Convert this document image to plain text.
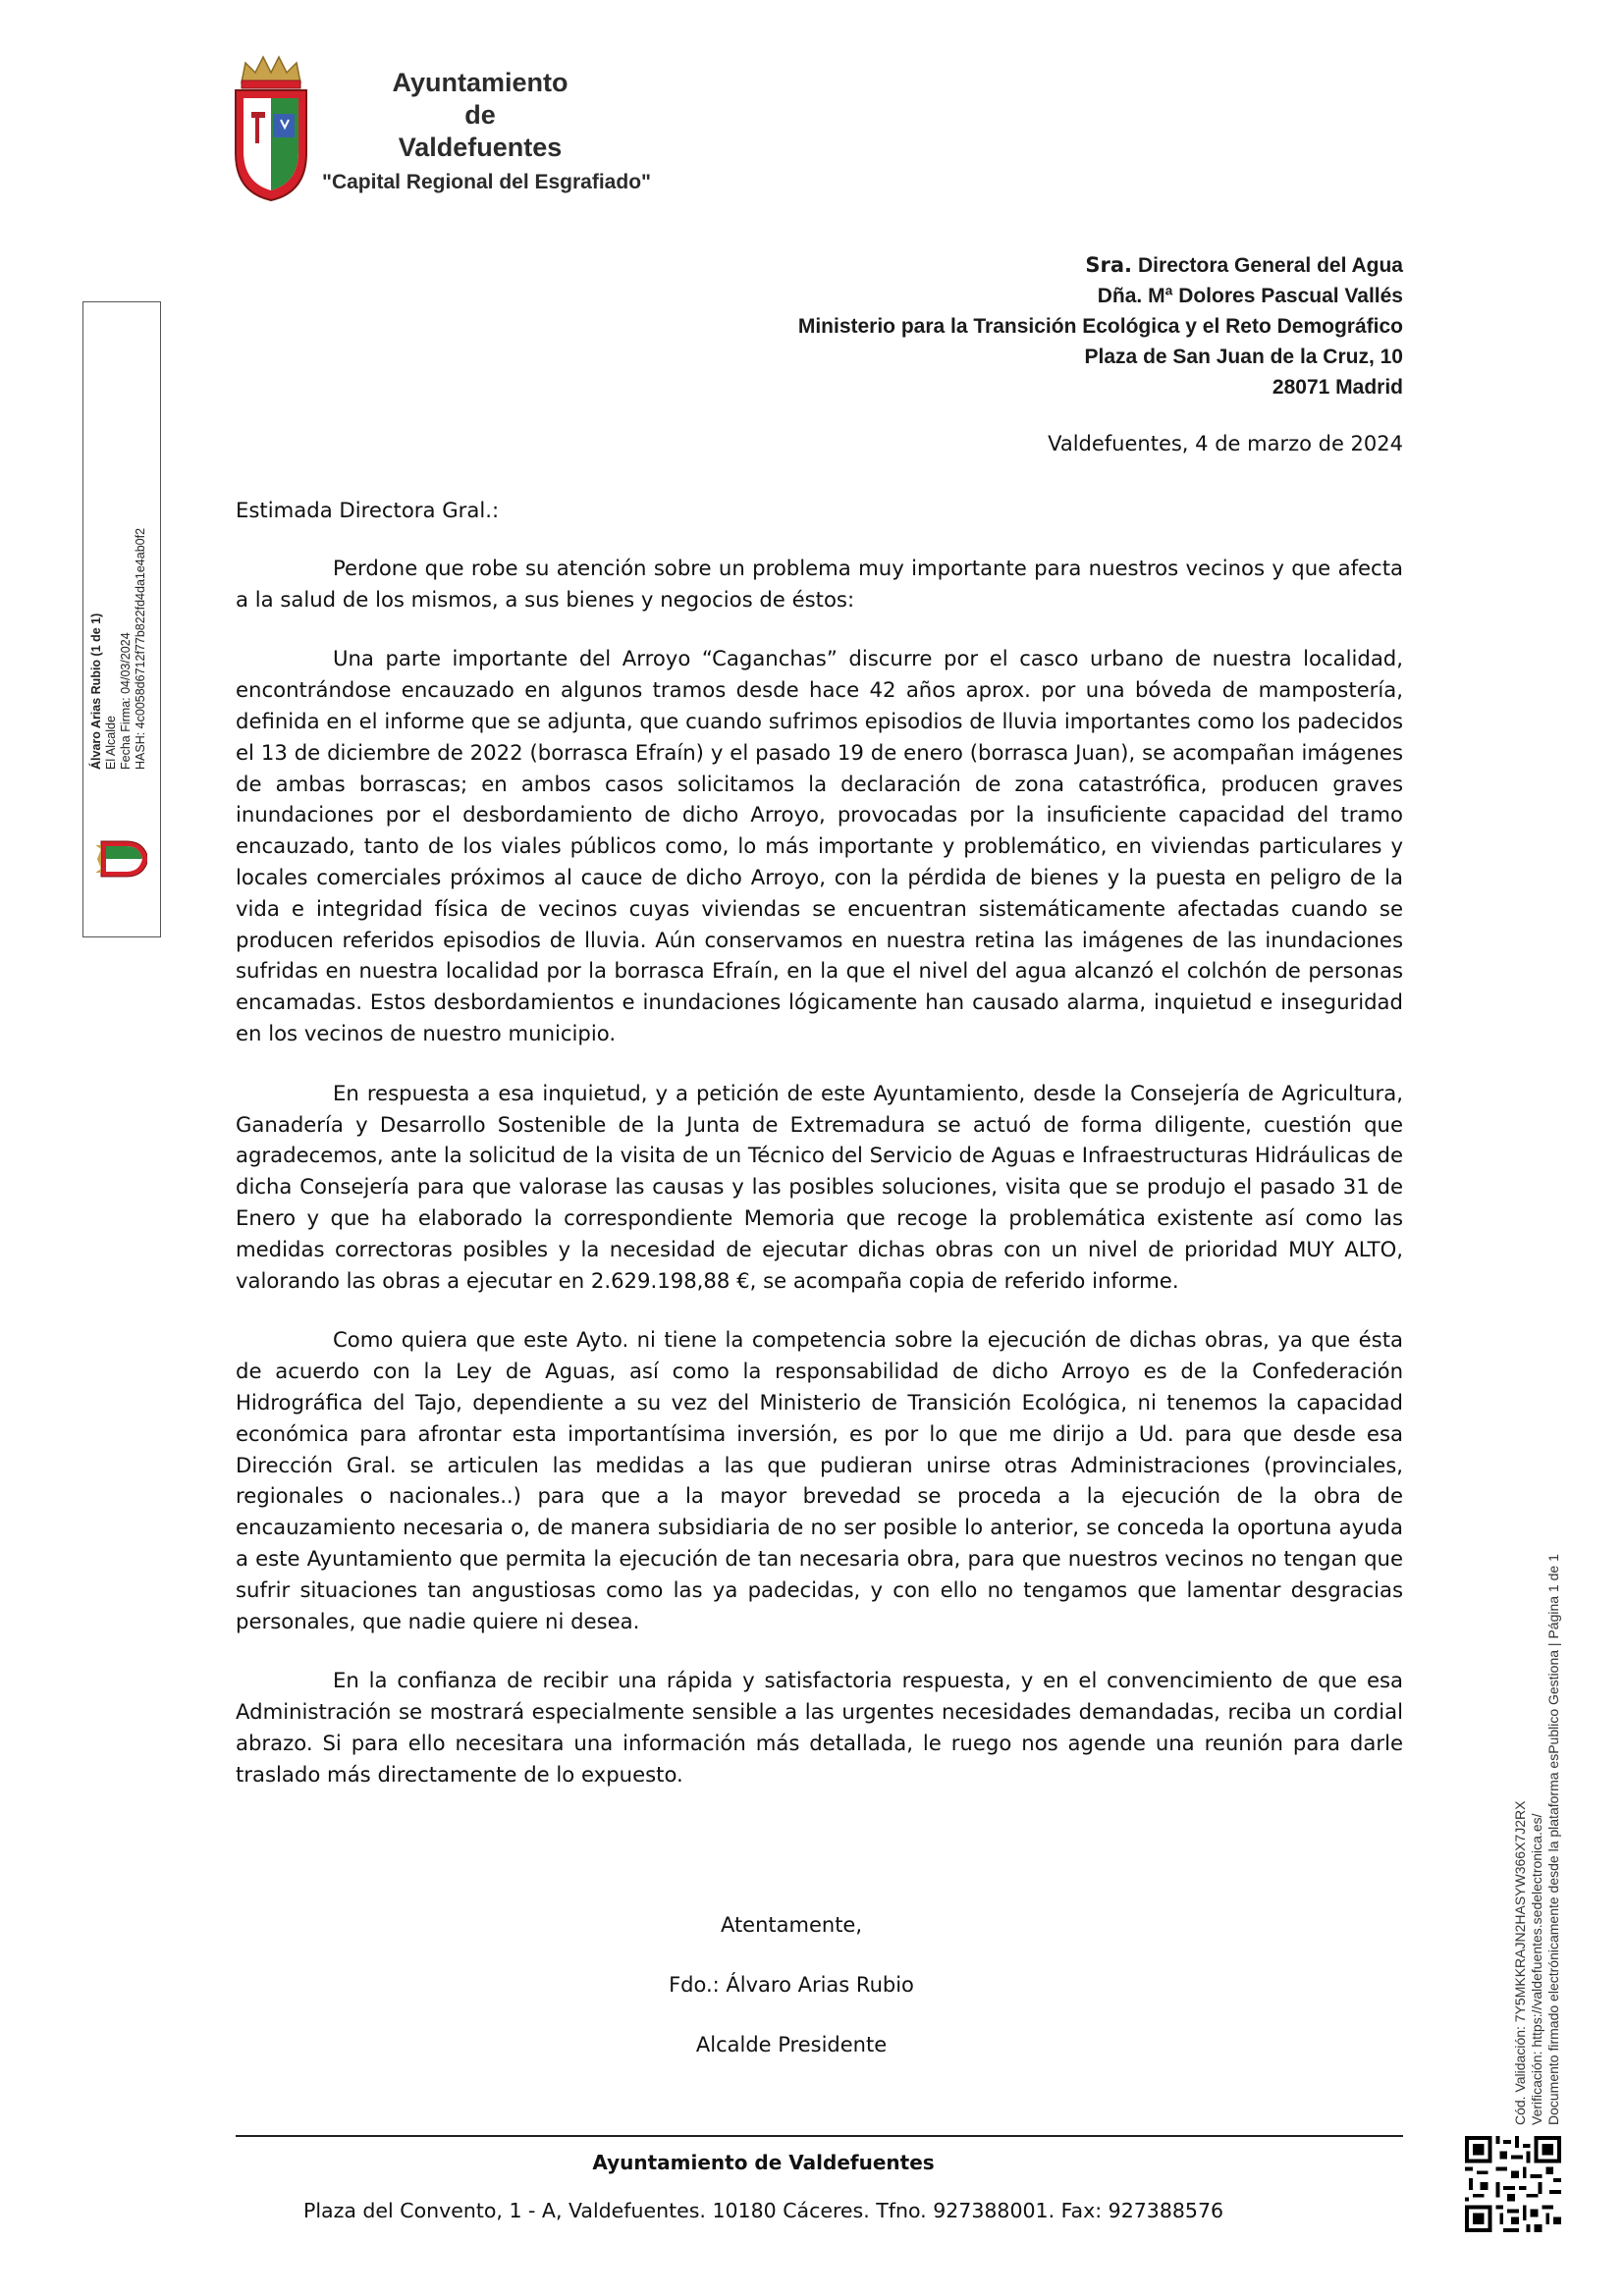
Ayuntamiento
de
Valdefuentes
"Capital Regional del Esgrafiado"
Sra. Directora General del Agua
Dña. Mª Dolores Pascual Vallés
Ministerio para la Transición Ecológica y el Reto Demográfico
Plaza de San Juan de la Cruz, 10
28071 Madrid
Valdefuentes, 4 de marzo de 2024

Estimada Directora Gral.:

Perdone que robe su atención sobre un problema muy importante para nuestros vecinos y que afecta a la salud de los mismos, a sus bienes y negocios de éstos:

Una parte importante del Arroyo “Caganchas” discurre por el casco urbano de nuestra localidad, encontrándose encauzado en algunos tramos desde hace 42 años aprox. por una bóveda de mampostería, definida en el informe que se adjunta, que cuando sufrimos episodios de lluvia importantes como los padecidos el 13 de diciembre de 2022 (borrasca Efraín) y el pasado 19 de enero (borrasca Juan), se acompañan imágenes de ambas borrascas; en ambos casos solicitamos la declaración de zona catastrófica, producen graves inundaciones por el desbordamiento de dicho Arroyo, provocadas por la insuficiente capacidad del tramo encauzado, tanto de los viales públicos como, lo más importante y problemático, en viviendas particulares y locales comerciales próximos al cauce de dicho Arroyo, con la pérdida de bienes y la puesta en peligro de la vida e integridad física de vecinos cuyas viviendas se encuentran sistemáticamente afectadas cuando se producen referidos episodios de lluvia. Aún conservamos en nuestra retina las imágenes de las inundaciones sufridas en nuestra localidad por la borrasca Efraín, en la que el nivel del agua alcanzó el colchón de personas encamadas. Estos desbordamientos e inundaciones lógicamente han causado alarma, inquietud e inseguridad en los vecinos de nuestro municipio.

En respuesta a esa inquietud, y a petición de este Ayuntamiento, desde la Consejería de Agricultura, Ganadería y Desarrollo Sostenible de la Junta de Extremadura se actuó de forma diligente, cuestión que agradecemos, ante la solicitud de la visita de un Técnico del Servicio de Aguas e Infraestructuras Hidráulicas de dicha Consejería para que valorase las causas y las posibles soluciones, visita que se produjo el pasado 31 de Enero y que ha elaborado la correspondiente Memoria que recoge la problemática existente así como las medidas correctoras posibles y la necesidad de ejecutar dichas obras con un nivel de prioridad MUY ALTO, valorando las obras a ejecutar en 2.629.198,88 €, se acompaña copia de referido informe.

Como quiera que este Ayto. ni tiene la competencia sobre la ejecución de dichas obras, ya que ésta de acuerdo con la Ley de Aguas, así como la responsabilidad de dicho Arroyo es de la Confederación Hidrográfica del Tajo, dependiente a su vez del Ministerio de Transición Ecológica, ni tenemos la capacidad económica para afrontar esta importantísima inversión, es por lo que me dirijo a Ud. para que desde esa Dirección Gral. se articulen las medidas a las que pudieran unirse otras Administraciones (provinciales, regionales o nacionales..) para que a la mayor brevedad se proceda a la ejecución de la obra de encauzamiento necesaria o, de manera subsidiaria de no ser posible lo anterior, se conceda la oportuna ayuda a este Ayuntamiento que permita la ejecución de tan necesaria obra, para que nuestros vecinos no tengan que sufrir situaciones tan angustiosas como las ya padecidas, y con ello no tengamos que lamentar desgracias personales, que nadie quiere ni desea.

En la confianza de recibir una rápida y satisfactoria respuesta, y en el convencimiento de que esa Administración se mostrará especialmente sensible a las urgentes necesidades demandadas, reciba un cordial abrazo. Si para ello necesitara una información más detallada, le ruego nos agende una reunión para darle traslado más directamente de lo expuesto.

Atentamente,
Fdo.: Álvaro Arias Rubio
Alcalde Presidente
Ayuntamiento de Valdefuentes
Plaza del Convento, 1 - A, Valdefuentes. 10180 Cáceres. Tfno. 927388001. Fax: 927388576
Álvaro Arias Rubio (1 de 1) El Alcalde Fecha Firma: 04/03/2024 HASH: 4c0058d6712f77b822fd4da1e4ab0f2
Cód. Validación: 7Y5MKKRAJN2HASYW366X7J2RX Verificación: https://valdefuentes.sedelectronica.es/ Documento firmado electrónicamente desde la plataforma esPublico Gestiona | Página 1 de 1
